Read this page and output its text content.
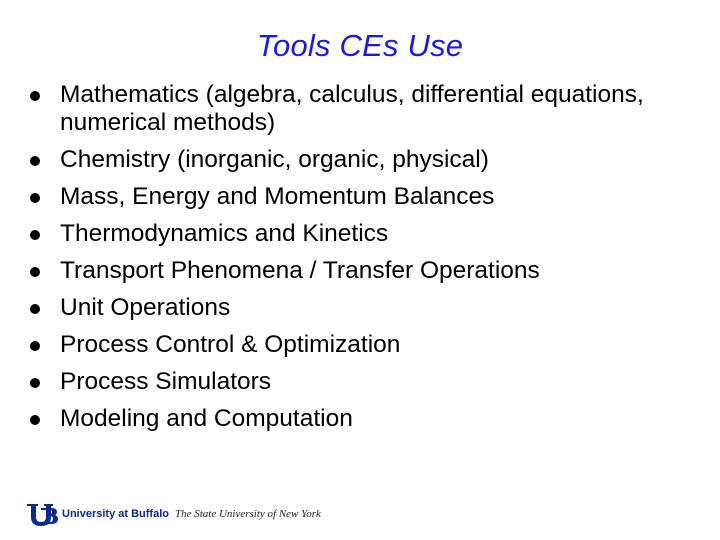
Tools CEs Use
Mathematics (algebra, calculus, differential equations, numerical methods)
Chemistry (inorganic, organic, physical)
Mass, Energy and Momentum Balances
Thermodynamics and Kinetics
Transport Phenomena / Transfer Operations
Unit Operations
Process Control & Optimization
Process Simulators
Modeling and Computation
University at Buffalo The State University of New York
